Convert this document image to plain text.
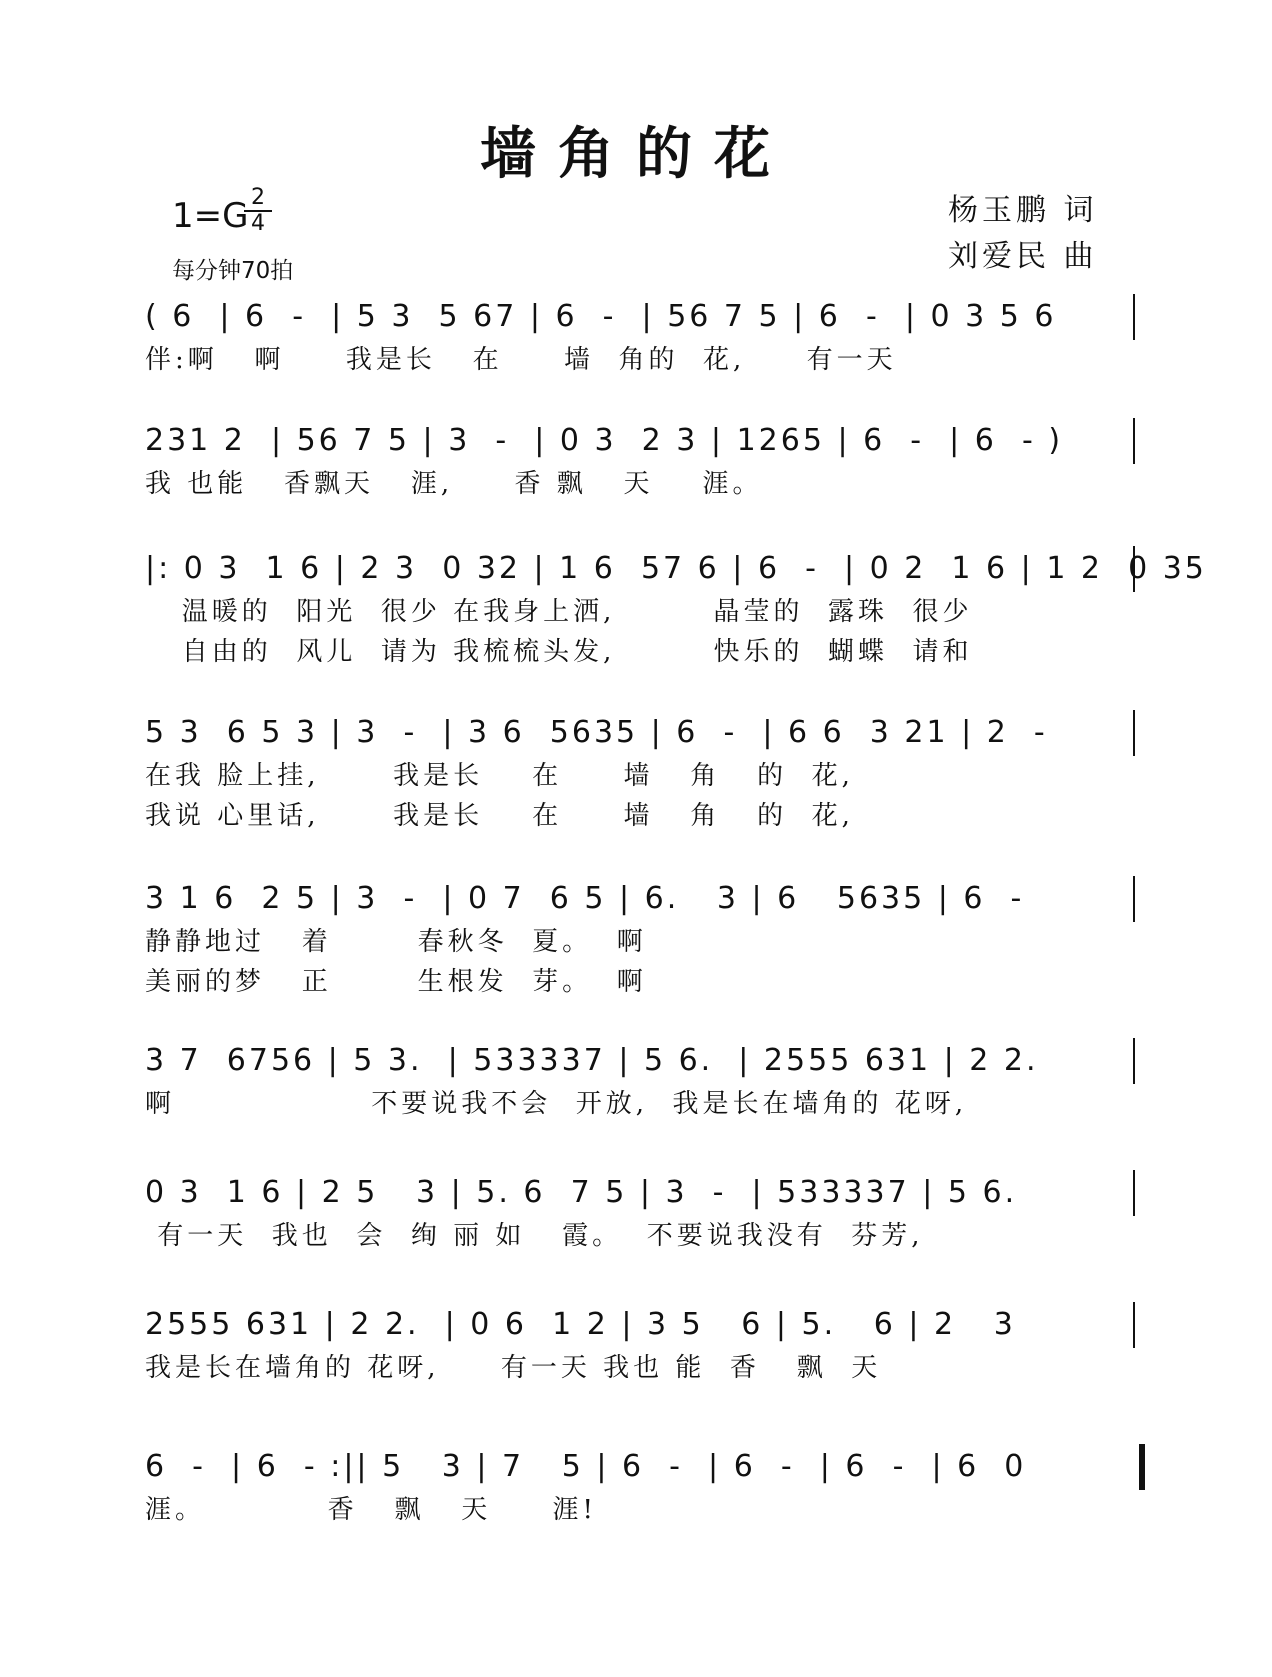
墙角的花
1=G 2
4
每分钟70拍
杨玉鹏 词
刘爱民 曲
( 6  | 6  -  | 5 3  5 67 | 6  -  | 56 7 5 | 6  -  | 0 3 5 6
伴:啊   啊     我是长   在     墙  角的  花,     有一天
231 2  | 56 7 5 | 3  -  | 0 3  2 3 | 1265 | 6  -  | 6  - )
我 也能   香飘天   涯,     香 飘   天    涯。
|: 0 3  1 6 | 2 3  0 32 | 1 6  57 6 | 6  -  | 0 2  1 6 | 1 2  0 35
温暖的  阳光  很少 在我身上洒,        晶莹的  露珠  很少
自由的  风儿  请为 我梳梳头发,        快乐的  蝴蝶  请和
5 3  6 5 3 | 3  -  | 3 6  5635 | 6  -  | 6 6  3 21 | 2  -
在我 脸上挂,      我是长    在     墙   角   的  花,
我说 心里话,      我是长    在     墙   角   的  花,
3 1 6  2 5 | 3  -  | 0 7  6 5 | 6.   3 | 6   5635 | 6  -
静静地过   着       春秋冬  夏。  啊
美丽的梦   正       生根发  芽。  啊
3 7  6756 | 5 3.  | 533337 | 5 6.  | 2555 631 | 2 2.
啊                不要说我不会  开放,  我是长在墙角的 花呀,
0 3  1 6 | 2 5   3 | 5. 6  7 5 | 3  -  | 533337 | 5 6.
有一天  我也  会  绚 丽 如   霞。  不要说我没有  芬芳,
2555 631 | 2 2.  | 0 6  1 2 | 3 5   6 | 5.   6 | 2   3
我是长在墙角的 花呀,     有一天 我也 能  香   飘  天
6  -  | 6  - :|| 5   3 | 7   5 | 6  -  | 6  -  | 6  -  | 6  0
涯。          香   飘   天     涯!
